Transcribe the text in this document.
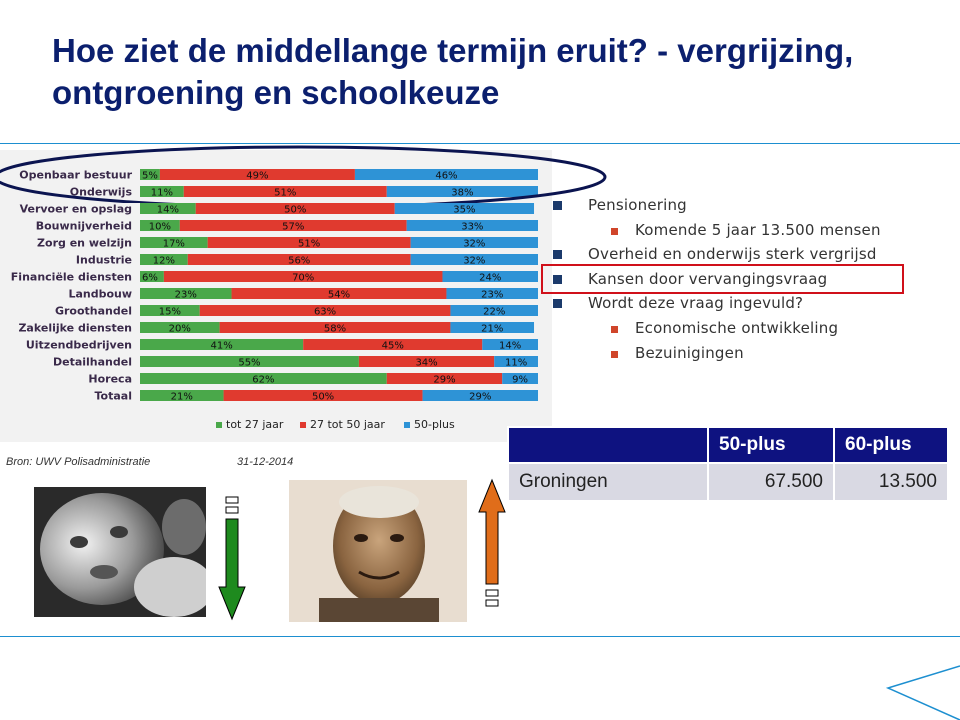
Hoe ziet de middellange termijn eruit? - vergrijzing, ontgroening en schoolkeuze
Openbaar bestuur 5%	49%	46%
Onderwijs 11%	51%	38%
Vervoer en opslag 14%	50%	35%
Bouwnijverheid 10%	57%	33%
Zorg en welzijn	17%	51%	32%
Industrie 12%	56%	32%
Financiële diensten 6%	70%	24%
Landbouw	23%	54%	23%
Groothandel	15%	63%	22%
Zakelijke diensten	20%	58%	21%
Uitzendbedrijven	41%	45%	14%
Detailhandel	55%	34%	11%
Horeca	62%	29%	9%
Totaal	21%	50%	29%
tot 27 jaar 27 tot 50 jaar	50-plus
Bron: UWV Polisadministratie	31-12-2014
Pensionering
Komende 5 jaar 13.500 mensen
Overheid en onderwijs sterk vergrijsd
Kansen door vervangingsvraag
Wordt deze vraag ingevuld?
Economische ontwikkeling
Bezuinigingen
	50-plus	60-plus
Groningen	67.500	13.500
